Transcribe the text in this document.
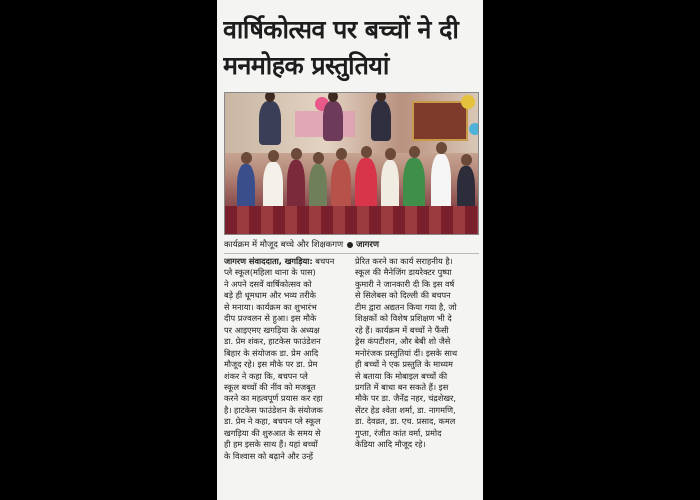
वार्षिकोत्सव पर बच्चों ने दी
मनमोहक प्रस्तुतियां
कार्यक्रम में मौजूद बच्चे और शिक्षकगण जागरण
जागरण संवाददाता, खगड़िया: बचपन
प्ले स्कूल(महिला थाना के पास)
ने अपने दसवें वार्षिकोत्सव को
बड़े ही धूमधाम और भव्य तरीके
से मनाया। कार्यक्रम का शुभारंभ
दीप प्रज्वलन से हुआ। इस मौके
पर आइएमए खगड़िया के अध्यक्ष
डा. प्रेम शंकर, हाटकेस फाउंडेशन
बिहार के संयोजक डा. प्रेम आदि
मौजूद रहे। इस मौके पर डा. प्रेम
शंकर ने कहा कि, बचपन प्ले
स्कूल बच्चों की नींव को मजबूत
करने का महत्वपूर्ण प्रयास कर रहा
है। हाटकेस फाउंडेशन के संयोजक
डा. प्रेम ने कहा, बचपन प्ले स्कूल
खगड़िया की शुरुआत के समय से
ही हम इसके साथ हैं। यहां बच्चों
के विश्वास को बढ़ाने और उन्हें
प्रेरित करने का कार्य सराहनीय है।
स्कूल की मैनेजिंग डायरेक्टर पुष्पा
कुमारी ने जानकारी दी कि इस वर्ष
से सिलेबस को दिल्ली की बचपन
टीम द्वारा अद्यतन किया गया है, जो
शिक्षकों को विशेष प्रशिक्षण भी दे
रहे हैं। कार्यक्रम में बच्चों ने फैंसी
ड्रेस कंपटीशन, और बेबी शो जैसे
मनोरंजक प्रस्तुतियां दीं। इसके साथ
ही बच्चों ने एक प्रस्तुति के माध्यम
से बताया कि मोबाइल बच्चों की
प्रगति में बाधा बन सकते हैं। इस
मौके पर डा. जैनेंद्र नहर, चंद्रशेखर,
सेंटर हेड श्वेता शर्मा, डा. नागमणि,
डा. देवव्रत, डा. एच. प्रसाद, कमल
गुप्ता, रंजीत कांत वर्मा, प्रमोद
केडिया आदि मौजूद रहे।
